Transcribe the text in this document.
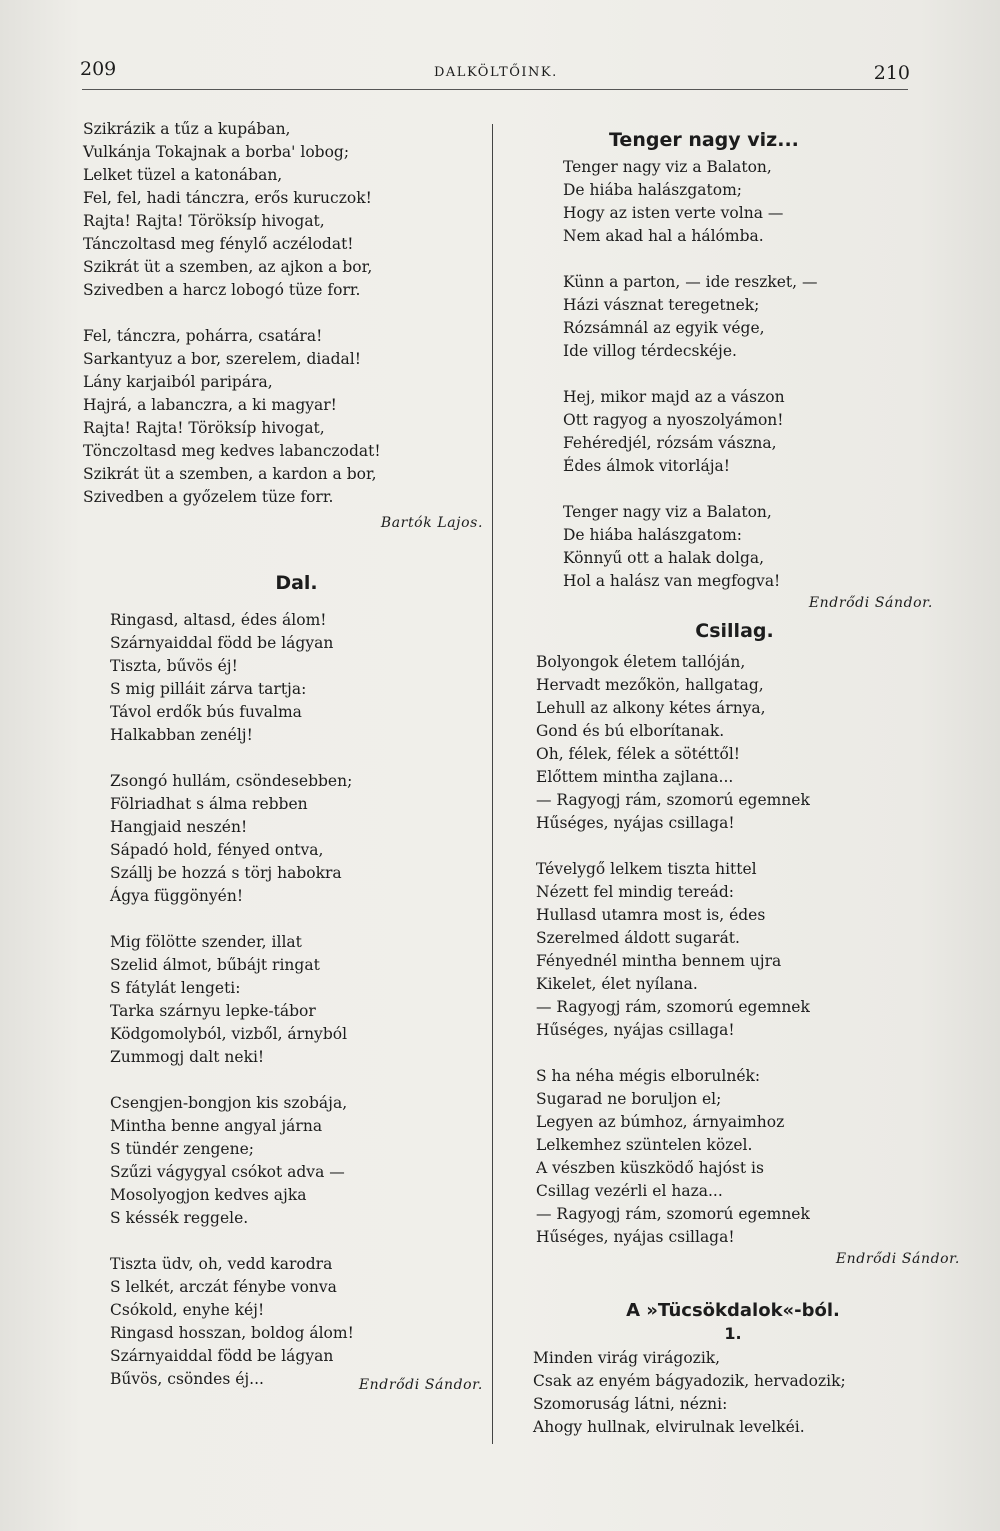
209	DALKÖLTŐINK.	210
Szikrázik a tűz a kupában,
Vulkánja Tokajnak a borba' lobog;
Lelket tüzel a katonában,
Fel, fel, hadi tánczra, erős kuruczok!
Rajta! Rajta! Töröksíp hivogat,
Tánczoltasd meg fénylő aczélodat!
Szikrát üt a szemben, az ajkon a bor,
Szivedben a harcz lobogó tüze forr.
Fel, tánczra, pohárra, csatára!
Sarkantyuz a bor, szerelem, diadal!
Lány karjaiból paripára,
Hajrá, a labanczra, a ki magyar!
Rajta! Rajta! Töröksíp hivogat,
Tönczoltasd meg kedves labanczodat!
Szikrát üt a szemben, a kardon a bor,
Szivedben a győzelem tüze forr.
Bartók Lajos.
Dal.
Ringasd, altasd, édes álom!
Szárnyaiddal född be lágyan
Tiszta, bűvös éj!
S mig pilláit zárva tartja:
Távol erdők bús fuvalma
Halkabban zenélj!
Zsongó hullám, csöndesebben;
Fölriadhat s álma rebben
Hangjaid neszén!
Sápadó hold, fényed ontva,
Szállj be hozzá s törj habokra
Ágya függönyén!
Mig fölötte szender, illat
Szelid álmot, bűbájt ringat
S fátylát lengeti:
Tarka szárnyu lepke-tábor
Ködgomolyból, vizből, árnyból
Zummogj dalt neki!
Csengjen-bongjon kis szobája,
Mintha benne angyal járna
S tündér zengene;
Szűzi vágygyal csókot adva —
Mosolyogjon kedves ajka
S késsék reggele.
Tiszta üdv, oh, vedd karodra
S lelkét, arczát fénybe vonva
Csókold, enyhe kéj!
Ringasd hosszan, boldog álom!
Szárnyaiddal född be lágyan
Bűvös, csöndes éj...	Endrődi Sándor.
Tenger nagy viz...
Tenger nagy viz a Balaton,
De hiába halászgatom;
Hogy az isten verte volna —
Nem akad hal a hálómba.
Künn a parton, — ide reszket, —
Házi vásznat teregetnek;
Rózsámnál az egyik vége,
Ide villog térdecskéje.
Hej, mikor majd az a vászon
Ott ragyog a nyoszolyámon!
Fehéredjél, rózsám vászna,
Édes álmok vitorlája!
Tenger nagy viz a Balaton,
De hiába halászgatom:
Könnyű ott a halak dolga,
Hol a halász van megfogva!
Endrődi Sándor.
Csillag.
Bolyongok életem tallóján,
Hervadt mezőkön, hallgatag,
Lehull az alkony kétes árnya,
Gond és bú elborítanak.
Oh, félek, félek a sötéttől!
Előttem mintha zajlana...
— Ragyogj rám, szomorú egemnek
Hűséges, nyájas csillaga!
Tévelygő lelkem tiszta hittel
Nézett fel mindig tereád:
Hullasd utamra most is, édes
Szerelmed áldott sugarát.
Fényednél mintha bennem ujra
Kikelet, élet nyílana.
— Ragyogj rám, szomorú egemnek
Hűséges, nyájas csillaga!
S ha néha mégis elborulnék:
Sugarad ne boruljon el;
Legyen az búmhoz, árnyaimhoz
Lelkemhez szüntelen közel.
A vészben küszködő hajóst is
Csillag vezérli el haza...
— Ragyogj rám, szomorú egemnek
Hűséges, nyájas csillaga!
Endrődi Sándor.
A »Tücsökdalok«-ból.
1.
Minden virág virágozik,
Csak az enyém bágyadozik, hervadozik;
Szomoruság látni, nézni:
Ahogy hullnak, elvirulnak levelkéi.
